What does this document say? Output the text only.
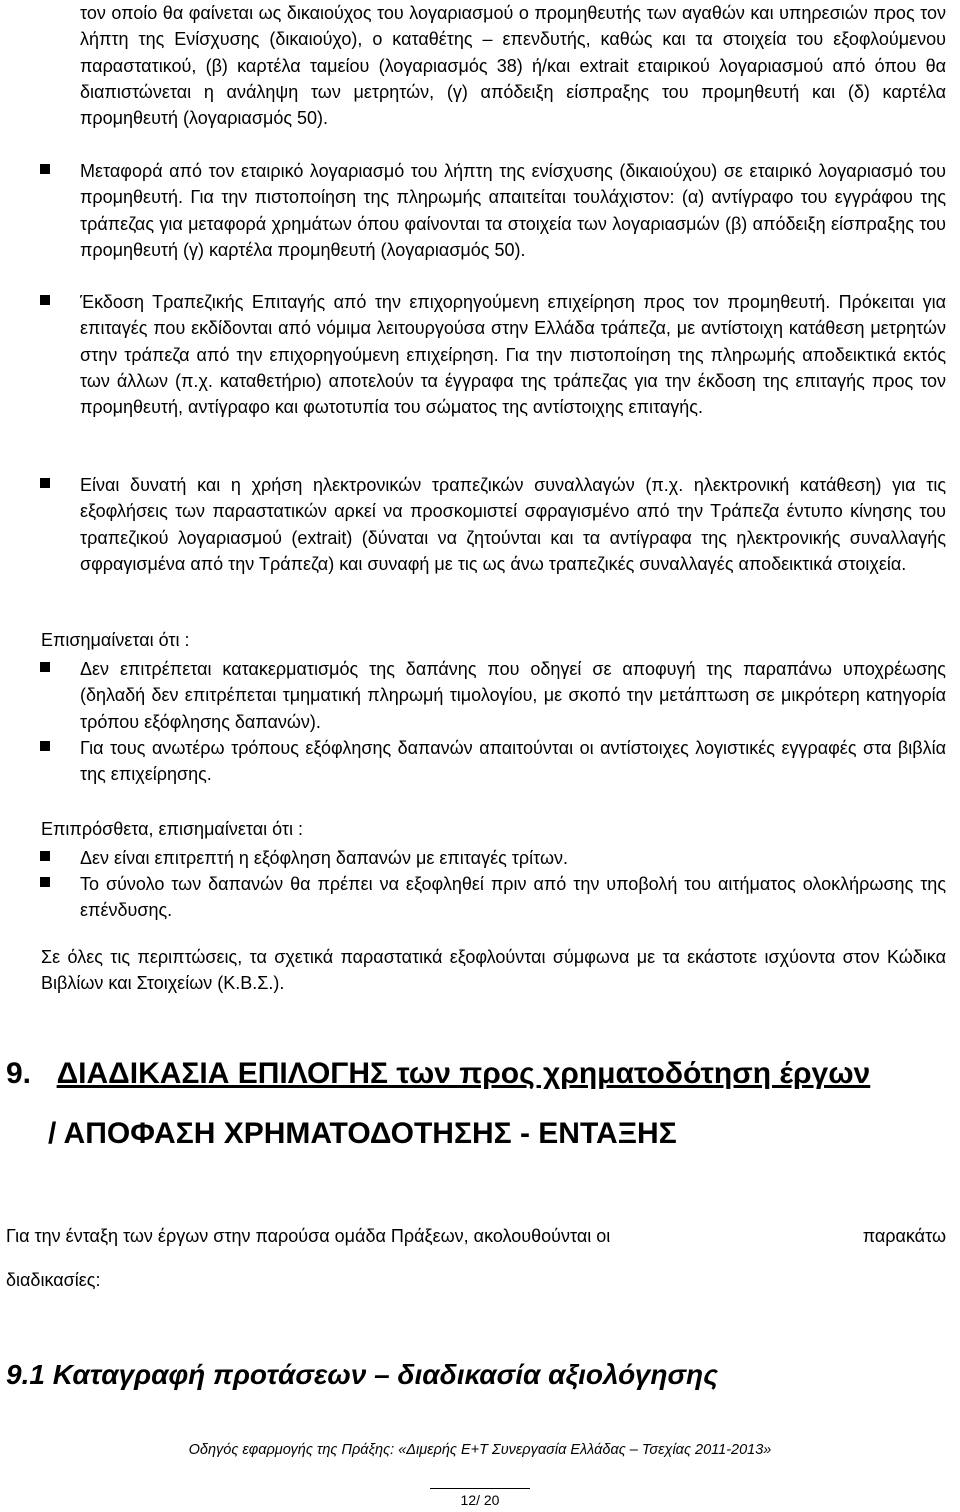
τον οποίο θα φαίνεται ως δικαιούχος του λογαριασμού ο προμηθευτής των αγαθών και υπηρεσιών προς τον λήπτη της Ενίσχυσης (δικαιούχο), ο καταθέτης – επενδυτής, καθώς και τα στοιχεία του εξοφλούμενου παραστατικού, (β) καρτέλα ταμείου (λογαριασμός 38) ή/και extrait εταιρικού λογαριασμού από όπου θα διαπιστώνεται η ανάληψη των μετρητών, (γ) απόδειξη είσπραξης του προμηθευτή και (δ) καρτέλα προμηθευτή (λογαριασμός 50).
Μεταφορά από τον εταιρικό λογαριασμό του λήπτη της ενίσχυσης (δικαιούχου) σε εταιρικό λογαριασμό του προμηθευτή. Για την πιστοποίηση της πληρωμής απαιτείται τουλάχιστον: (α) αντίγραφο του εγγράφου της τράπεζας για μεταφορά χρημάτων όπου φαίνονται τα στοιχεία των λογαριασμών (β) απόδειξη είσπραξης του προμηθευτή (γ) καρτέλα προμηθευτή (λογαριασμός 50).
Έκδοση Τραπεζικής Επιταγής από την επιχορηγούμενη επιχείρηση προς τον προμηθευτή. Πρόκειται για επιταγές που εκδίδονται από νόμιμα λειτουργούσα στην Ελλάδα τράπεζα, με αντίστοιχη κατάθεση μετρητών στην τράπεζα από την επιχορηγούμενη επιχείρηση. Για την πιστοποίηση της πληρωμής αποδεικτικά εκτός των άλλων (π.χ. καταθετήριο) αποτελούν τα έγγραφα της τράπεζας για την έκδοση της επιταγής προς τον προμηθευτή, αντίγραφο και φωτοτυπία του σώματος της αντίστοιχης επιταγής.
Είναι δυνατή και η χρήση ηλεκτρονικών τραπεζικών συναλλαγών (π.χ. ηλεκτρονική κατάθεση) για τις εξοφλήσεις των παραστατικών αρκεί να προσκομιστεί σφραγισμένο από την Τράπεζα έντυπο κίνησης του τραπεζικού λογαριασμού (extrait) (δύναται να ζητούνται και τα αντίγραφα της ηλεκτρονικής συναλλαγής σφραγισμένα από την Τράπεζα) και συναφή με τις ως άνω τραπεζικές συναλλαγές αποδεικτικά στοιχεία.
Επισημαίνεται ότι :
Δεν επιτρέπεται κατακερματισμός της δαπάνης που οδηγεί σε αποφυγή της παραπάνω υποχρέωσης (δηλαδή δεν επιτρέπεται τμηματική πληρωμή τιμολογίου, με σκοπό την μετάπτωση σε μικρότερη κατηγορία τρόπου εξόφλησης δαπανών).
Για τους ανωτέρω τρόπους εξόφλησης δαπανών απαιτούνται οι αντίστοιχες λογιστικές εγγραφές στα βιβλία της επιχείρησης.
Επιπρόσθετα, επισημαίνεται ότι :
Δεν είναι επιτρεπτή η εξόφληση δαπανών με επιταγές τρίτων.
Το σύνολο των δαπανών θα πρέπει να εξοφληθεί πριν από την υποβολή του αιτήματος ολοκλήρωσης της επένδυσης.
Σε όλες τις περιπτώσεις, τα σχετικά παραστατικά εξοφλούνται σύμφωνα με τα εκάστοτε ισχύοντα στον Κώδικα Βιβλίων και Στοιχείων (Κ.Β.Σ.).
9. ΔΙΑΔΙΚΑΣΙΑ ΕΠΙΛΟΓΗΣ των προς χρηματοδότηση έργων
/ ΑΠΟΦΑΣΗ ΧΡΗΜΑΤΟΔΟΤΗΣΗΣ - ΕΝΤΑΞΗΣ
Για την ένταξη των έργων στην παρούσα ομάδα Πράξεων, ακολουθούνται οι	παρακάτω
διαδικασίες:
9.1 Καταγραφή προτάσεων – διαδικασία αξιολόγησης
Οδηγός εφαρμογής της Πράξης: «Διμερής Ε+Τ Συνεργασία Ελλάδας – Τσεχίας 2011-2013»
12/ 20
